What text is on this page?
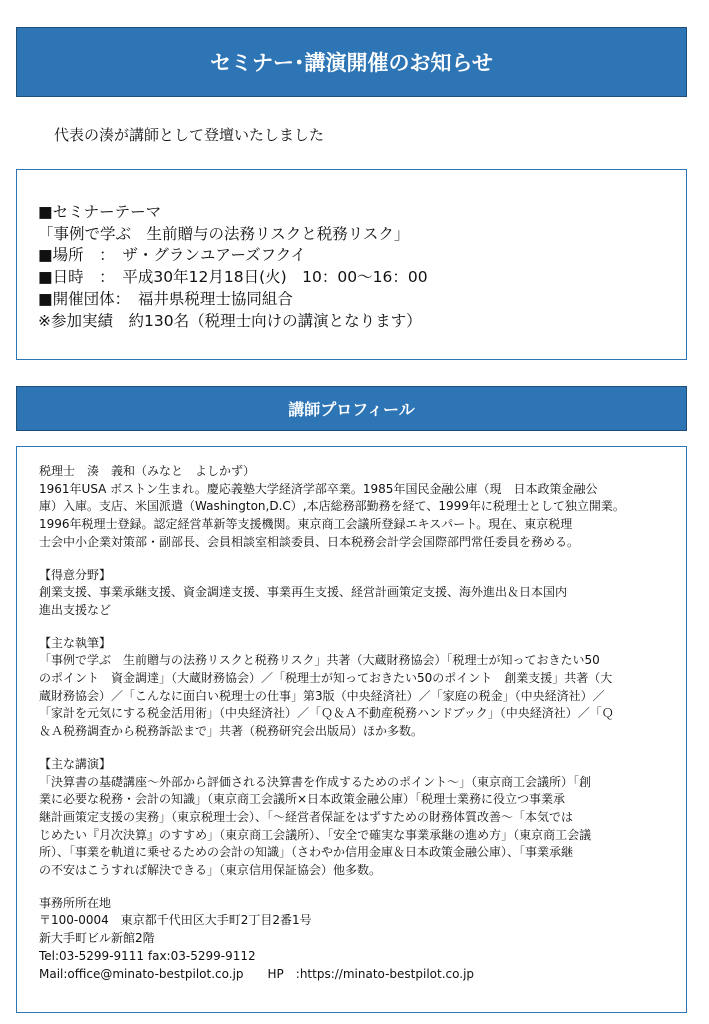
セミナー･講演開催のお知らせ
代表の湊が講師として登壇いたしました
■セミナーテーマ
「事例で学ぶ　生前贈与の法務リスクと税務リスク」
■場所　：　ザ・グランユアーズフクイ
■日時　：　平成30年12月18日(火)　10：00～16：00
■開催団体：　福井県税理士協同組合
※参加実績　約130名（税理士向けの講演となります）
講師プロフィール

税理士　湊　義和（みなと　よしかず）

1961年USA ボストン生まれ。慶応義塾大学経済学部卒業。1985年国民金融公庫（現　日本政策金融公

庫）入庫。支店、米国派遣（Washington,D.C）,本店総務部勤務を経て、1999年に税理士として独立開業。

1996年税理士登録。認定経営革新等支援機関。東京商工会議所登録エキスパート。現在、東京税理

士会中小企業対策部・副部長、会員相談室相談委員、日本税務会計学会国際部門常任委員を務める。

【得意分野】

創業支援、事業承継支援、資金調達支援、事業再生支援、経営計画策定支援、海外進出＆日本国内

進出支援など

【主な執筆】

「事例で学ぶ　生前贈与の法務リスクと税務リスク」共著（大蔵財務協会）「税理士が知っておきたい50

のポイント　資金調達」（大蔵財務協会）／「税理士が知っておきたい50のポイント　創業支援」共著（大

蔵財務協会）／「こんなに面白い税理士の仕事」第3版（中央経済社）／「家庭の税金」（中央経済社）／

「家計を元気にする税金活用術」（中央経済社）／「Ｑ＆Ａ不動産税務ハンドブック」（中央経済社）／「Ｑ

＆Ａ税務調査から税務訴訟まで」共著（税務研究会出版局）ほか多数。

【主な講演】

「決算書の基礎講座～外部から評価される決算書を作成するためのポイント～」（東京商工会議所）「創

業に必要な税務・会計の知識」（東京商工会議所×日本政策金融公庫）「税理士業務に役立つ事業承

継計画策定支援の実務」（東京税理士会）、「～経営者保証をはずすための財務体質改善～「本気では

じめたい『月次決算』のすすめ」（東京商工会議所）、「安全で確実な事業承継の進め方」（東京商工会議

所）、「事業を軌道に乗せるための会計の知識」（さわやか信用金庫＆日本政策金融公庫）、「事業承継

の不安はこうすれば解決できる」（東京信用保証協会）他多数。

事務所所在地

〒100-0004　東京都千代田区大手町2丁目2番1号

新大手町ビル新館2階

Tel:03-5299-9111 fax:03-5299-9112

Mail:office@minato-bestpilot.co.jp　　HP　:https://minato-bestpilot.co.jp
